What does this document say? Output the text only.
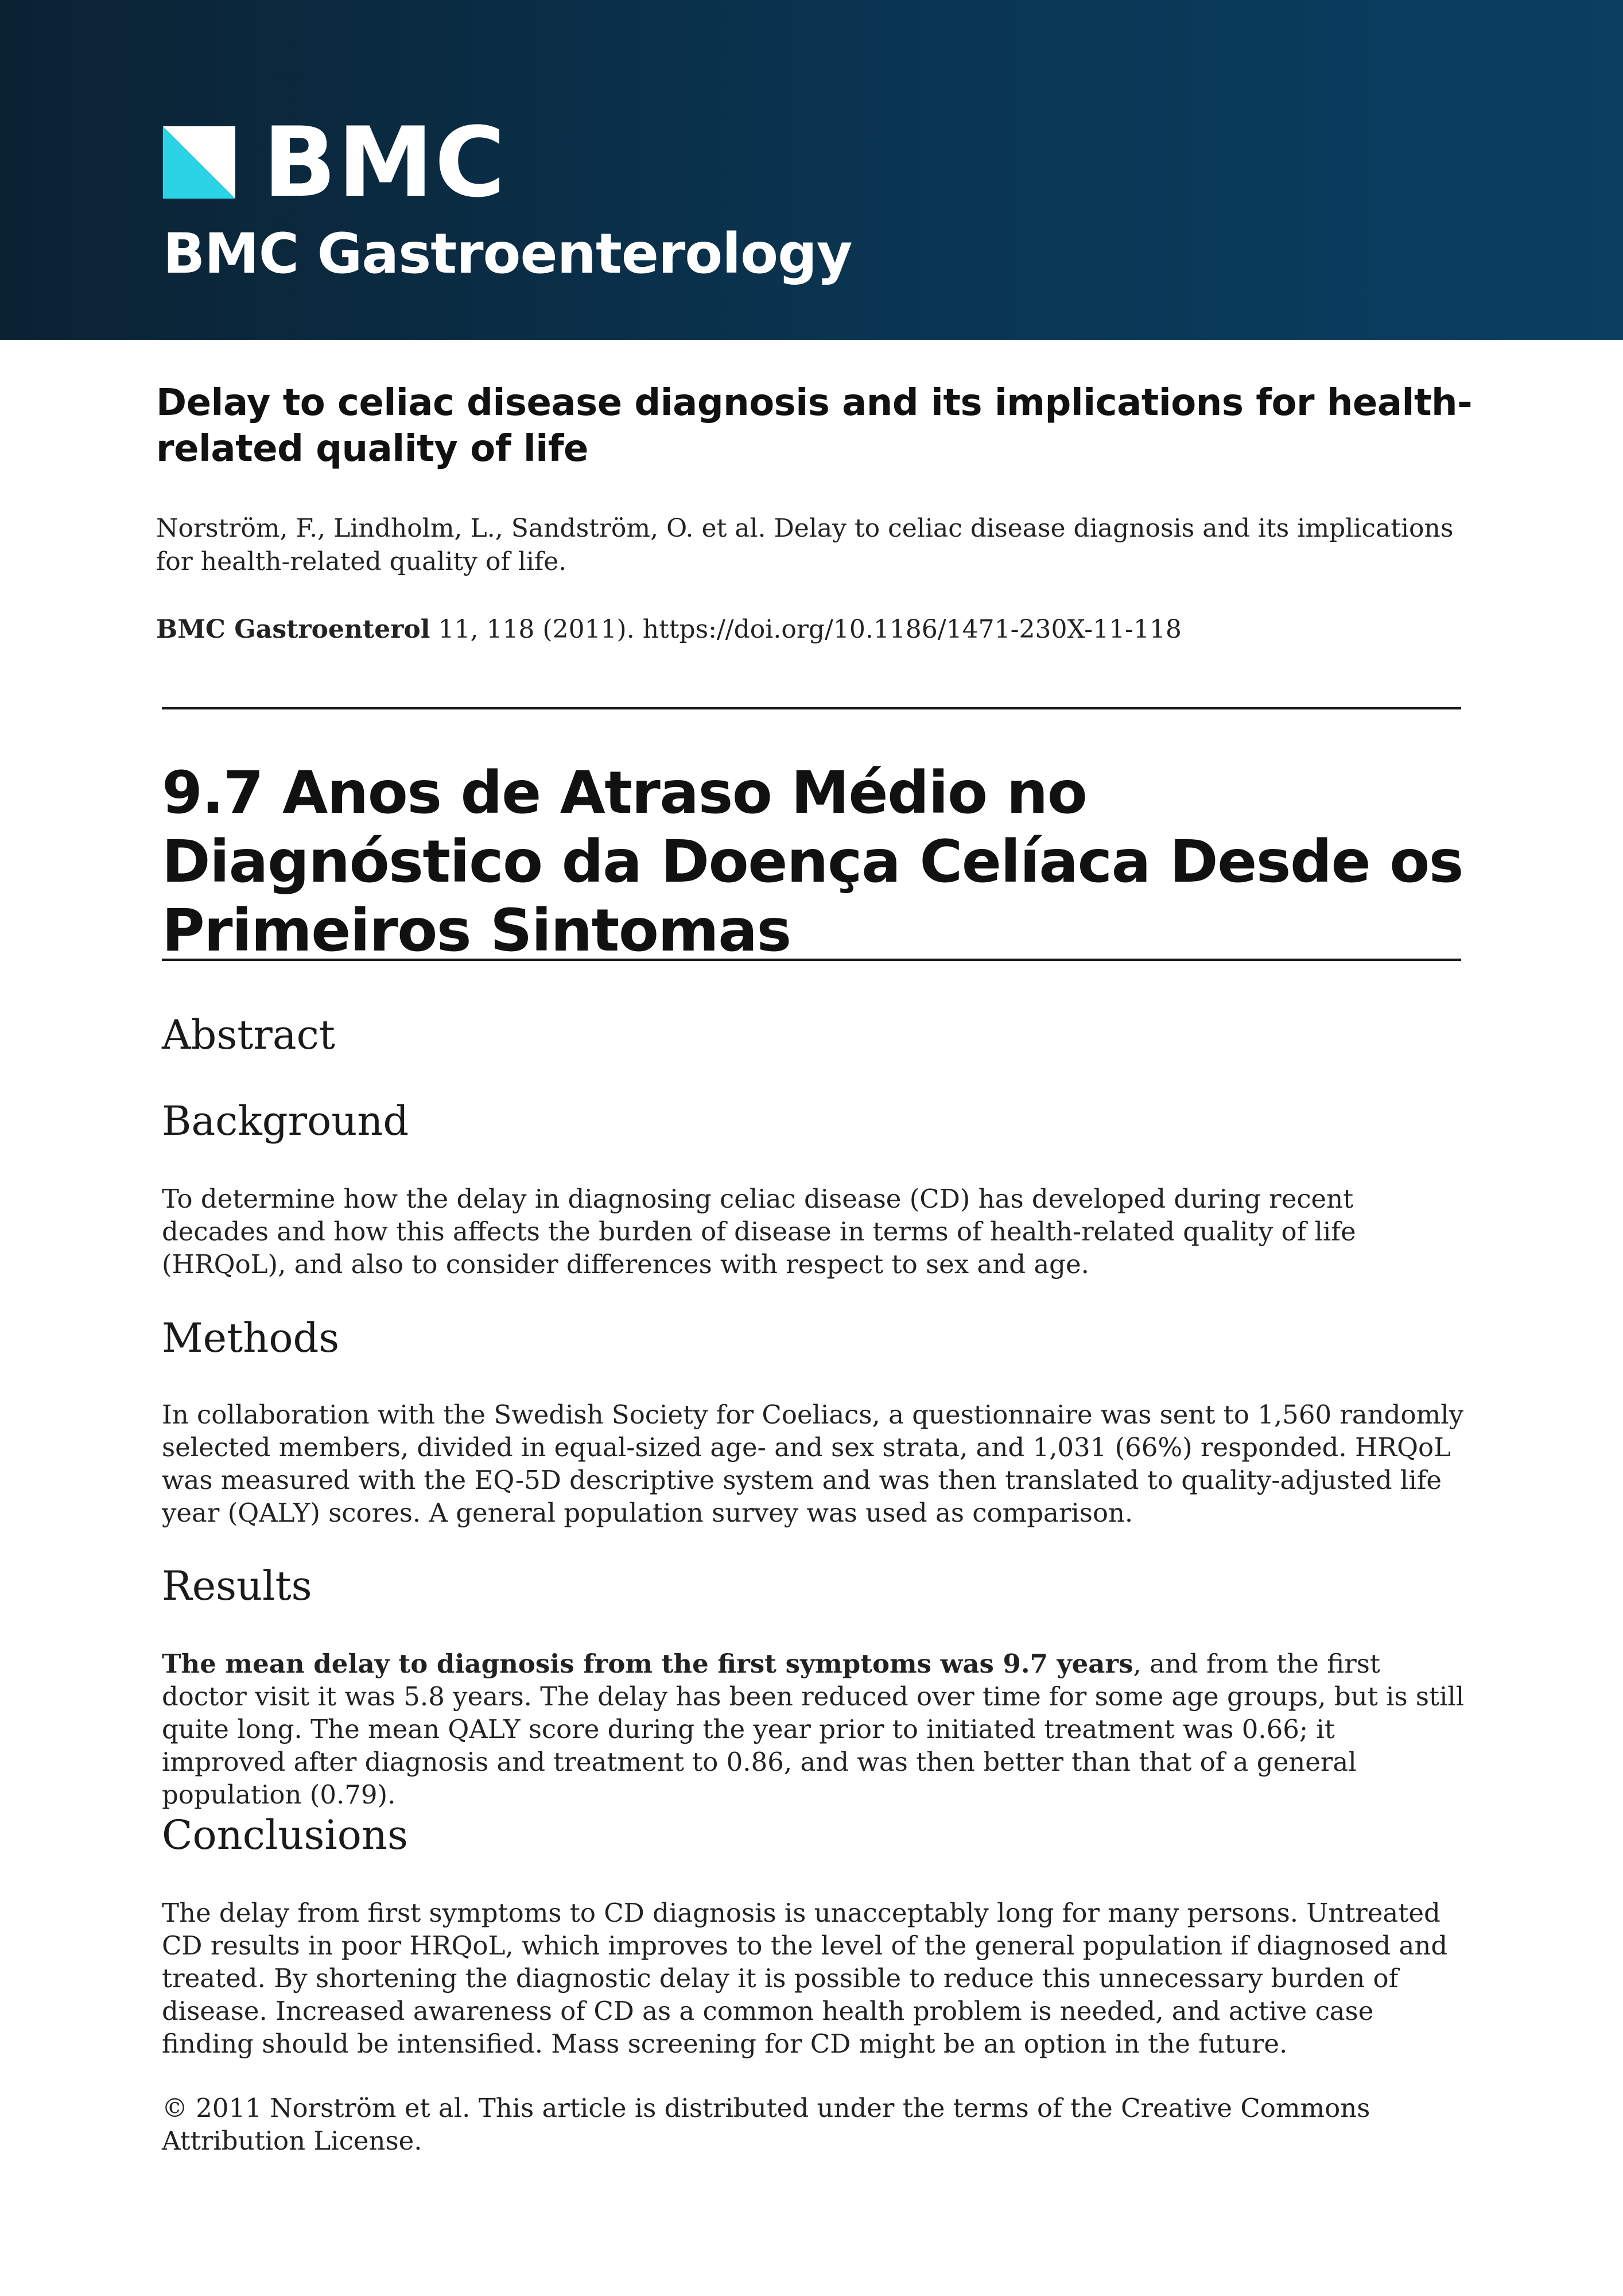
BMC
BMC Gastroenterology
Delay to celiac disease diagnosis and its implications for health-related quality of life
Norström, F., Lindholm, L., Sandström, O. et al. Delay to celiac disease diagnosis and its implications for health-related quality of life.
BMC Gastroenterol 11, 118 (2011). https://doi.org/10.1186/1471-230X-11-118
9.7 Anos de Atraso Médio no Diagnóstico da Doença Celíaca Desde os Primeiros Sintomas
Abstract
Background
To determine how the delay in diagnosing celiac disease (CD) has developed during recent decades and how this affects the burden of disease in terms of health-related quality of life (HRQoL), and also to consider differences with respect to sex and age.
Methods
In collaboration with the Swedish Society for Coeliacs, a questionnaire was sent to 1,560 randomly selected members, divided in equal-sized age- and sex strata, and 1,031 (66%) responded. HRQoL was measured with the EQ-5D descriptive system and was then translated to quality-adjusted life year (QALY) scores. A general population survey was used as comparison.
Results
The mean delay to diagnosis from the first symptoms was 9.7 years, and from the first doctor visit it was 5.8 years. The delay has been reduced over time for some age groups, but is still quite long. The mean QALY score during the year prior to initiated treatment was 0.66; it improved after diagnosis and treatment to 0.86, and was then better than that of a general population (0.79).
Conclusions
The delay from first symptoms to CD diagnosis is unacceptably long for many persons. Untreated CD results in poor HRQoL, which improves to the level of the general population if diagnosed and treated. By shortening the diagnostic delay it is possible to reduce this unnecessary burden of disease. Increased awareness of CD as a common health problem is needed, and active case finding should be intensified. Mass screening for CD might be an option in the future.
© 2011 Norström et al. This article is distributed under the terms of the Creative Commons Attribution License.
